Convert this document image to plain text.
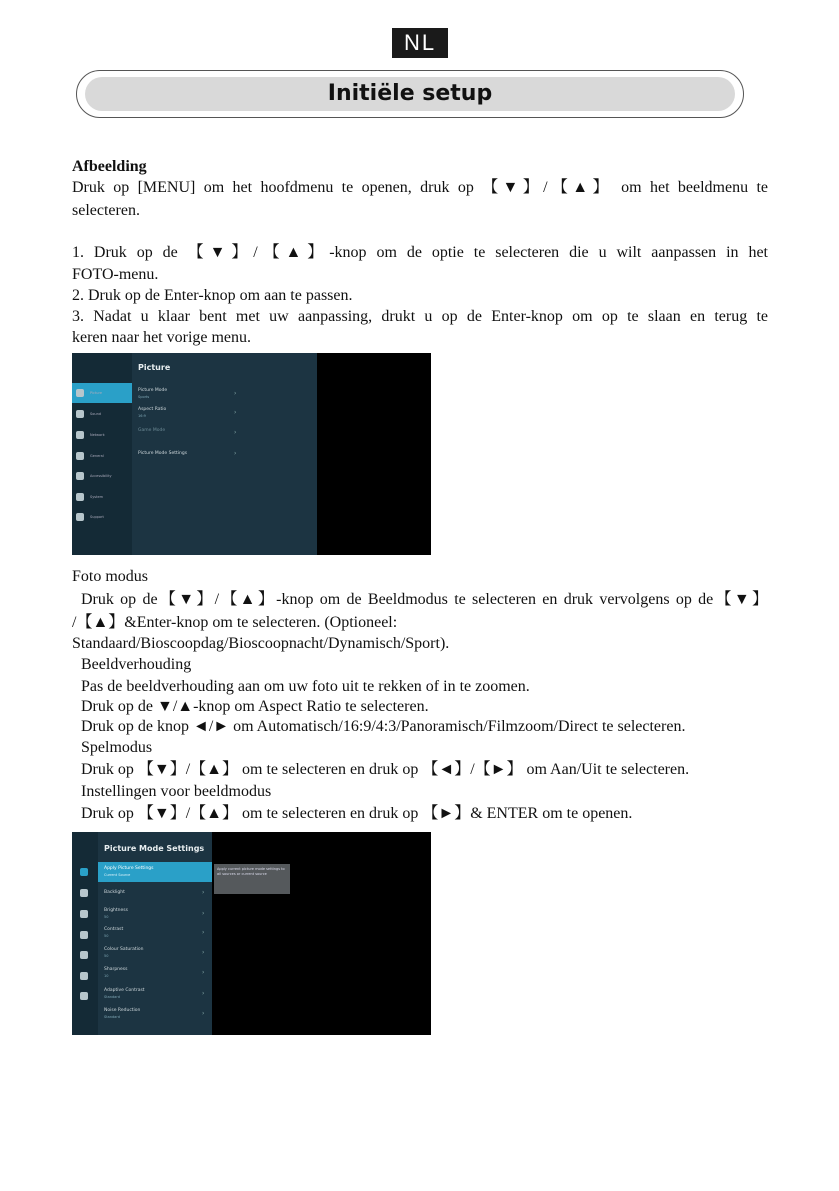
NL
Initiële setup
Afbeelding
Druk op [MENU] om het hoofdmenu te openen, druk op 【▼】/【▲】 om het beeldmenu te
selecteren.
1. Druk op de 【▼】/【▲】-knop om de optie te selecteren die u wilt aanpassen in het
FOTO-menu.
2. Druk op de Enter-knop om aan te passen.
3. Nadat u klaar bent met uw aanpassing, drukt u op de Enter-knop om op te slaan en terug te
keren naar het vorige menu.
Picture
Sound
Network
General
Accessibility
System
Support
Picture
Picture Mode
Sports	›
Aspect Ratio
16:9	›
Game Mode	›
Picture Mode Settings	›
Foto modus
Druk op de【▼】/【▲】-knop om de Beeldmodus te selecteren en druk vervolgens op de【▼】
/【▲】&Enter-knop om te selecteren. (Optioneel:
Standaard/Bioscoopdag/Bioscoopnacht/Dynamisch/Sport).
Beeldverhouding
Pas de beeldverhouding aan om uw foto uit te rekken of in te zoomen.
Druk op de ▼/▲-knop om Aspect Ratio te selecteren.
Druk op de knop ◄/► om Automatisch/16:9/4:3/Panoramisch/Filmzoom/Direct te selecteren.
Spelmodus
Druk op 【▼】/【▲】 om te selecteren en druk op 【◄】/【►】 om Aan/Uit te selecteren.
Instellingen voor beeldmodus
Druk op 【▼】/【▲】 om te selecteren en druk op 【►】& ENTER om te openen.
Picture Mode Settings
Apply Picture Settings
Current Source
Backlight	›
Brightness
50	›
Contrast
50	›
Colour Saturation
50	›
Sharpness
10	›
Adaptive Contrast
Standard	›
Noise Reduction
Standard	›
Apply current picture mode settings to all sources or current source
